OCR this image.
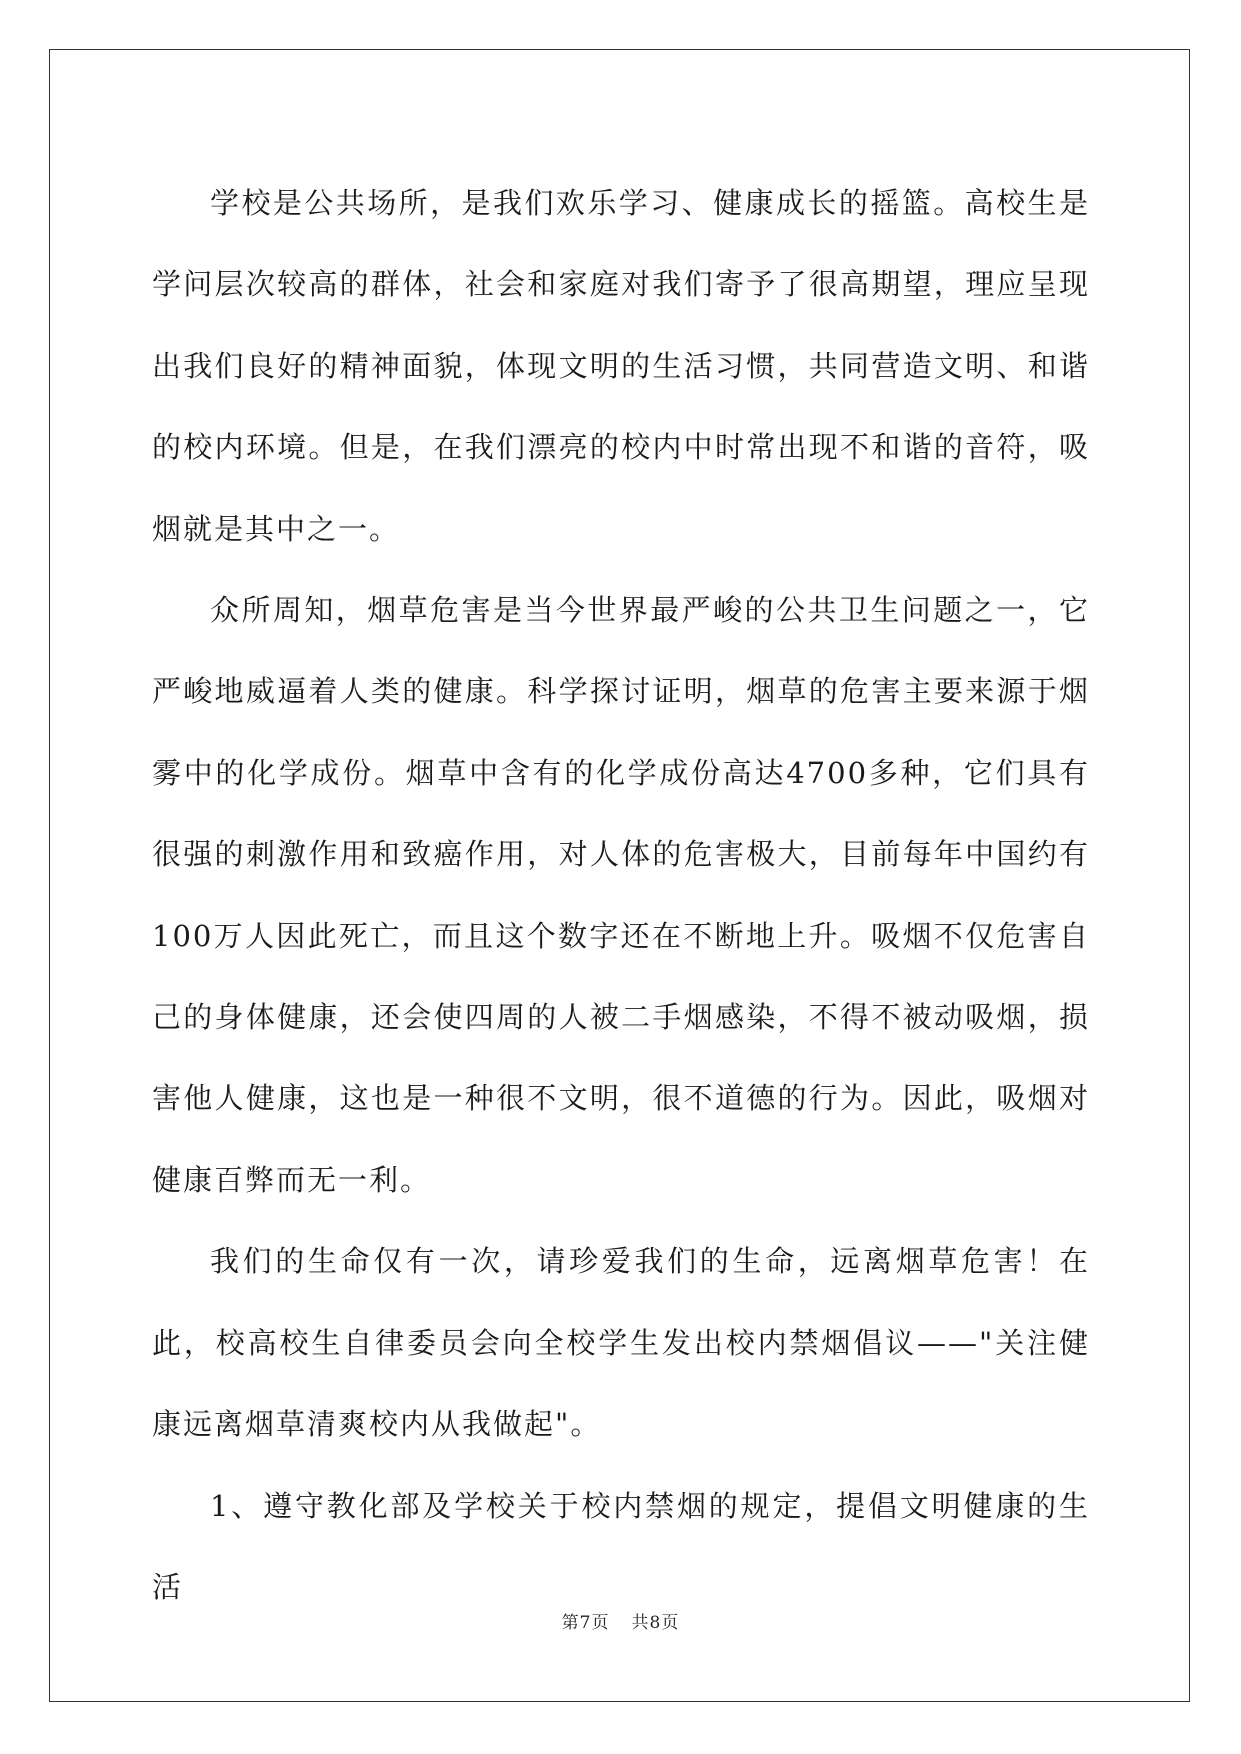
学校是公共场所，是我们欢乐学习、健康成长的摇篮。高校生是学问层次较高的群体，社会和家庭对我们寄予了很高期望，理应呈现出我们良好的精神面貌，体现文明的生活习惯，共同营造文明、和谐的校内环境。但是，在我们漂亮的校内中时常出现不和谐的音符，吸烟就是其中之一。

众所周知，烟草危害是当今世界最严峻的公共卫生问题之一，它严峻地威逼着人类的健康。科学探讨证明，烟草的危害主要来源于烟雾中的化学成份。烟草中含有的化学成份高达4700多种，它们具有很强的刺激作用和致癌作用，对人体的危害极大，目前每年中国约有100万人因此死亡，而且这个数字还在不断地上升。吸烟不仅危害自己的身体健康，还会使四周的人被二手烟感染，不得不被动吸烟，损害他人健康，这也是一种很不文明，很不道德的行为。因此，吸烟对健康百弊而无一利。

我们的生命仅有一次，请珍爱我们的生命，远离烟草危害！在此，校高校生自律委员会向全校学生发出校内禁烟倡议——"关注健康远离烟草清爽校内从我做起"。

1、遵守教化部及学校关于校内禁烟的规定，提倡文明健康的生活

第7页 共8页
